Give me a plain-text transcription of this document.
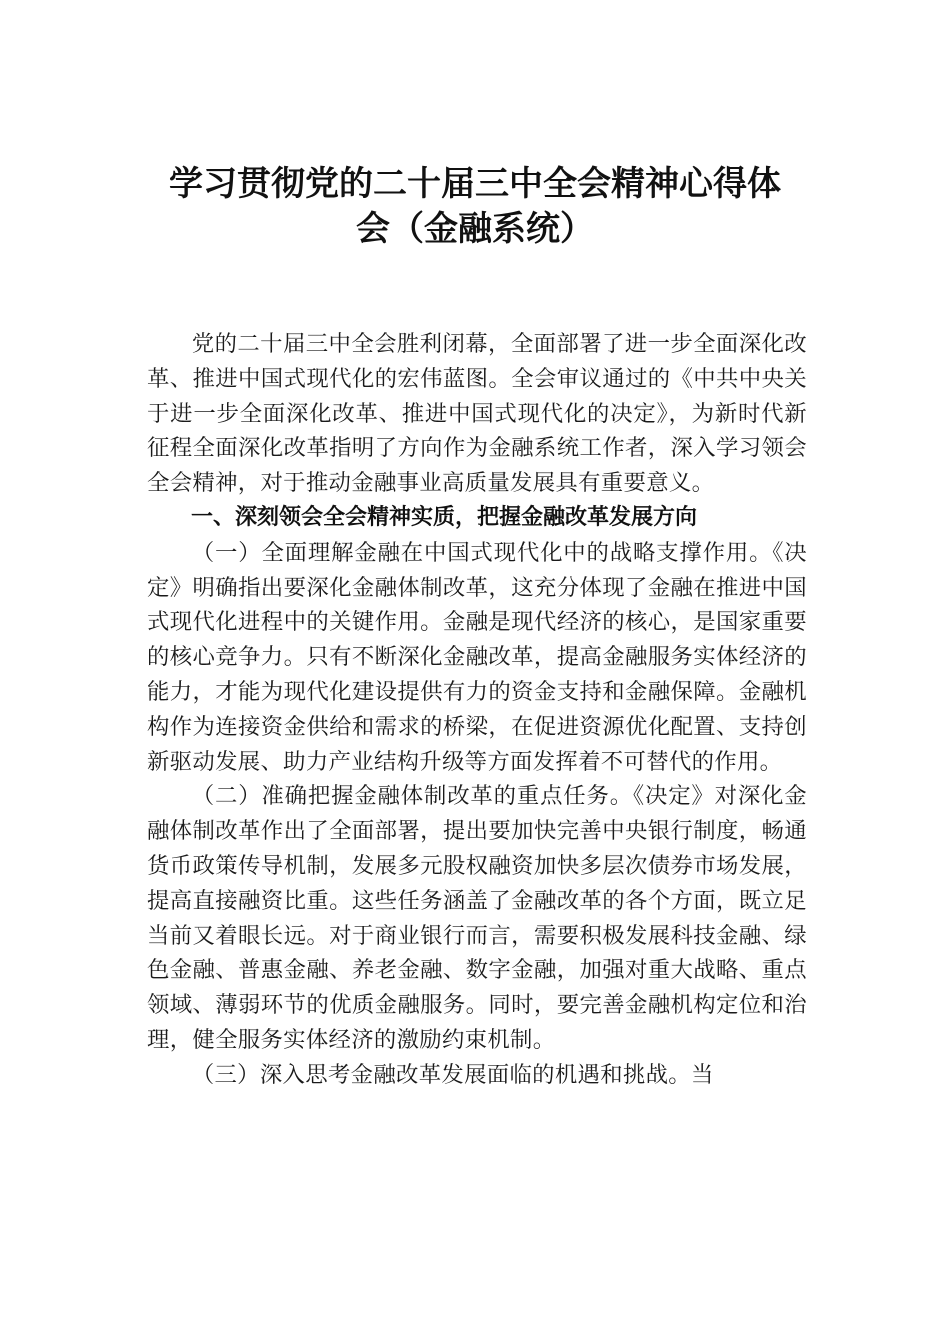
学习贯彻党的二十届三中全会精神心得体
会（金融系统）

党的二十届三中全会胜利闭幕，全面部署了进一步全面深化改革、推进中国式现代化的宏伟蓝图。全会审议通过的《中共中央关于进一步全面深化改革、推进中国式现代化的决定》，为新时代新征程全面深化改革指明了方向作为金融系统工作者，深入学习领会全会精神，对于推动金融事业高质量发展具有重要意义。

一、深刻领会全会精神实质，把握金融改革发展方向

（一）全面理解金融在中国式现代化中的战略支撑作用。《决定》明确指出要深化金融体制改革，这充分体现了金融在推进中国式现代化进程中的关键作用。金融是现代经济的核心，是国家重要的核心竞争力。只有不断深化金融改革，提高金融服务实体经济的能力，才能为现代化建设提供有力的资金支持和金融保障。金融机构作为连接资金供给和需求的桥梁，在促进资源优化配置、支持创新驱动发展、助力产业结构升级等方面发挥着不可替代的作用。

（二）准确把握金融体制改革的重点任务。《决定》对深化金融体制改革作出了全面部署，提出要加快完善中央银行制度，畅通货币政策传导机制，发展多元股权融资加快多层次债券市场发展，提高直接融资比重。这些任务涵盖了金融改革的各个方面，既立足当前又着眼长远。对于商业银行而言，需要积极发展科技金融、绿色金融、普惠金融、养老金融、数字金融，加强对重大战略、重点领域、薄弱环节的优质金融服务。同时，要完善金融机构定位和治理，健全服务实体经济的激励约束机制。

（三）深入思考金融改革发展面临的机遇和挑战。当
